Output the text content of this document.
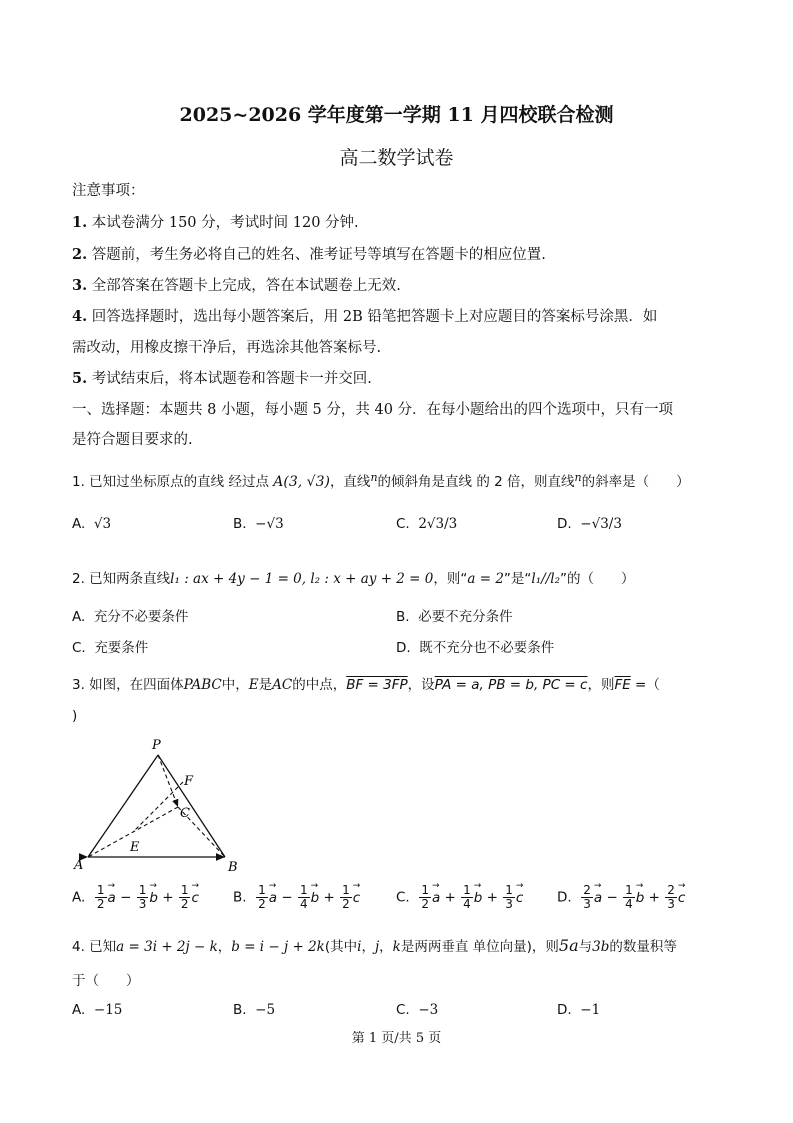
2025~2026 学年度第一学期 11 月四校联合检测
高二数学试卷
注意事项：
1. 本试卷满分 150 分，考试时间 120 分钟.
2. 答题前，考生务必将自己的姓名、准考证号等填写在答题卡的相应位置.
3. 全部答案在答题卡上完成，答在本试题卷上无效.
4. 回答选择题时，选出每小题答案后，用 2B 铅笔把答题卡上对应题目的答案标号涂黑．如
需改动，用橡皮擦干净后，再选涂其他答案标号.
5. 考试结束后，将本试题卷和答题卡一并交回.
一、选择题：本题共 8 小题，每小题 5 分，共 40 分．在每小题给出的四个选项中，只有一项
是符合题目要求的.
1. 已知过坐标原点的直线 经过点 A(3, √3)，直线$^n$的倾斜角是直线 的 2 倍，则直线$^n$的斜率是（　　）
A. √3	B. −√3	C. 2√3/3	D. −√3/3
2. 已知两条直线l₁ : ax + 4y − 1 = 0, l₂ : x + ay + 2 = 0，则“a = 2”是“l₁//l₂”的（　　）
A. 充分不必要条件	B. 必要不充分条件
C. 充要条件	D. 既不充分也不必要条件
3. 如图，在四面体PABC中，E是AC的中点，BF = 3FP，设PA = a, PB = b, PC = c，则$\overline{FE}$ =（
)
P
F
C
E
A	B
A. $\frac{1}{2} \to a - \frac{1}{3} \to b + \frac{1}{2} \to c$	B. $\frac{1}{2} \to a - \frac{1}{4} \to b + \frac{1}{2} \to c$	C. $\frac{1}{2} \to a + \frac{1}{4} \to b + \frac{1}{3} \to c$ D. $\frac{2}{3} \to a - \frac{1}{4} \to b + \frac{2}{3} \to c$
4. 已知a = 3i + 2j − k，b = i − j + 2k(其中i，j，k是两两垂直 单位向量)，则5a与3b的数量积等
于（　　）
A. −15	B. −5	C. −3	D. −1
第 1 页/共 5 页
